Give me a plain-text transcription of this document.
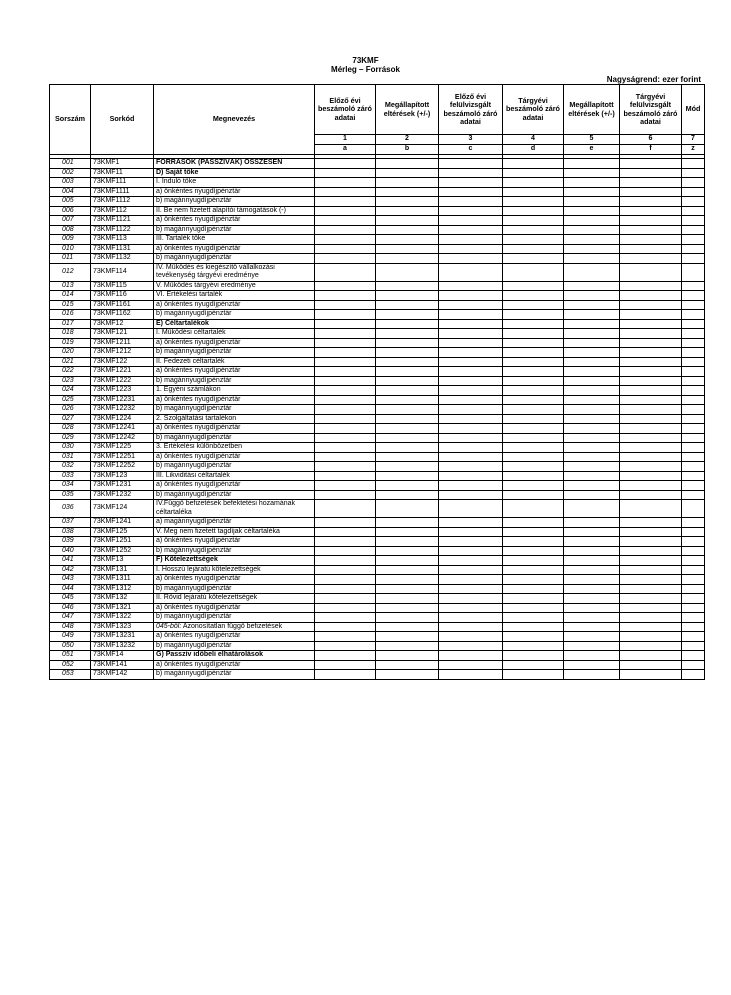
73KMF
Mérleg – Források
Nagyságrend: ezer forint
Sorszám	Sorkód	Megnevezés	Előző évi beszámoló záró adatai	Megállapított eltérések (+/-)	Előző évi felülvizsgált beszámoló záró adatai	Tárgyévi beszámoló záró adatai	Megállapított eltérések (+/-)	Tárgyévi felülvizsgált beszámoló záró adatai	Mód
			1	2	3	4	5	6	7
			a	b	c	d	e	f	z

001	73KMF1	FORRÁSOK (PASSZÍVÁK) ÖSSZESEN							
002	73KMF11	D) Saját tőke							
003	73KMF111	I. Induló tőke							
004	73KMF1111	a) önkéntes nyugdíjpénztár							
005	73KMF1112	b) magánnyugdíjpénztár							
006	73KMF112	II. Be nem fizetett alapítói támogatások (-)							
007	73KMF1121	a) önkéntes nyugdíjpénztár							
008	73KMF1122	b) magánnyugdíjpénztár							
009	73KMF113	III. Tartalék tőke							
010	73KMF1131	a) önkéntes nyugdíjpénztár							
011	73KMF1132	b) magánnyugdíjpénztár							
012	73KMF114	IV. Működés és kiegészítő vállalkozási tevékenység tárgyévi eredménye							
013	73KMF115	V. Működés tárgyévi eredménye							
014	73KMF116	VI. Értékelési tartalék							
015	73KMF1161	a) önkéntes nyugdíjpénztár							
016	73KMF1162	b) magánnyugdíjpénztár							
017	73KMF12	E) Céltartalékok							
018	73KMF121	I. Működési céltartalék							
019	73KMF1211	a) önkéntes nyugdíjpénztár							
020	73KMF1212	b) magánnyugdíjpénztár							
021	73KMF122	II. Fedezeti céltartalék							
022	73KMF1221	a) önkéntes nyugdíjpénztár							
023	73KMF1222	b) magánnyugdíjpénztár							
024	73KMF1223	1. Egyéni számlákon							
025	73KMF12231	a) önkéntes nyugdíjpénztár							
026	73KMF12232	b) magánnyugdíjpénztár							
027	73KMF1224	2. Szolgáltatási tartalékon							
028	73KMF12241	a) önkéntes nyugdíjpénztár							
029	73KMF12242	b) magánnyugdíjpénztár							
030	73KMF1225	3. Értékelési különbözetben							
031	73KMF12251	a) önkéntes nyugdíjpénztár							
032	73KMF12252	b) magánnyugdíjpénztár							
033	73KMF123	III. Likviditási céltartalék							
034	73KMF1231	a) önkéntes nyugdíjpénztár							
035	73KMF1232	b) magánnyugdíjpénztár							
036	73KMF124	IV.Függő befizetések befektetési hozamának céltartaléka							
037	73KMF1241	a) magánnyugdíjpénztár							
038	73KMF125	V. Meg nem fizetett tagdíjak céltartaléka							
039	73KMF1251	a) önkéntes nyugdíjpénztár							
040	73KMF1252	b) magánnyugdíjpénztár							
041	73KMF13	F) Kötelezettségek							
042	73KMF131	I. Hosszú lejáratú kötelezettségek							
043	73KMF1311	a) önkéntes nyugdíjpénztár							
044	73KMF1312	b) magánnyugdíjpénztár							
045	73KMF132	II. Rövid lejáratú kötelezettségek							
046	73KMF1321	a) önkéntes nyugdíjpénztár							
047	73KMF1322	b) magánnyugdíjpénztár							
048	73KMF1323	045-ből: Azonosítatlan függő befizetések							
049	73KMF13231	a) önkéntes nyugdíjpénztár							
050	73KMF13232	b) magánnyugdíjpénztár							
051	73KMF14	G) Passzív időbeli elhatárolások							
052	73KMF141	a) önkéntes nyugdíjpénztár							
053	73KMF142	b) magánnyugdíjpénztár							
